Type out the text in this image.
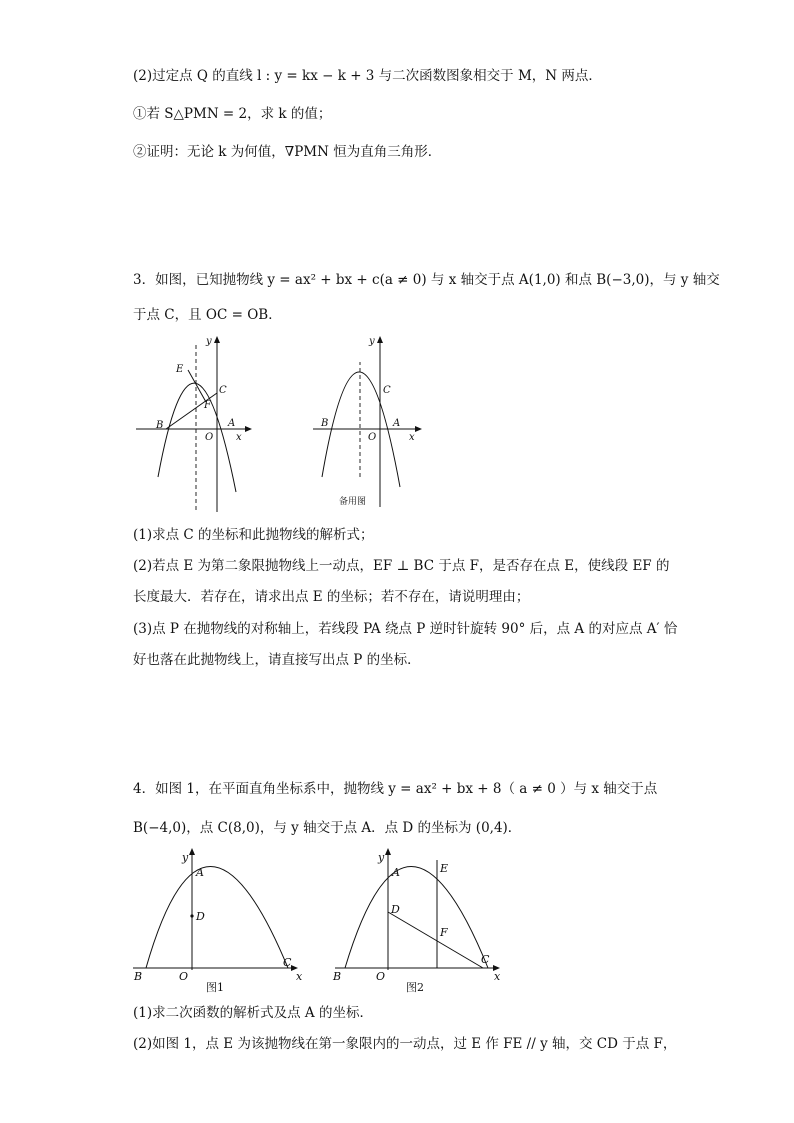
(2)过定点 Q 的直线 l : y = kx − k + 3 与二次函数图象相交于 M，N 两点．
①若 S△PMN = 2，求 k 的值；
②证明：无论 k 为何值，∇PMN 恒为直角三角形．
3．如图，已知抛物线 y = ax² + bx + c(a ≠ 0) 与 x 轴交于点 A(1,0) 和点 B(−3,0)，与 y 轴交
于点 C，且 OC = OB．
y
E
C
F
B	A
O x
y
C
B	A
O	x
备用图
(1)求点 C 的坐标和此抛物线的解析式；
(2)若点 E 为第二象限抛物线上一动点，EF ⊥ BC 于点 F，是否存在点 E，使线段 EF 的
长度最大．若存在，请求出点 E 的坐标；若不存在，请说明理由；
(3)点 P 在抛物线的对称轴上，若线段 PA 绕点 P 逆时针旋转 90° 后，点 A 的对应点 A′ 恰
好也落在此抛物线上，请直接写出点 P 的坐标．
4．如图 1，在平面直角坐标系中，抛物线 y = ax² + bx + 8（ a ≠ 0 ）与 x 轴交于点
B(−4,0)，点 C(8,0)，与 y 轴交于点 A．点 D 的坐标为 (0,4)．
y
A
D
B	O
C
x
图1
y
A	E
D
F
B	O
C
x
图2
(1)求二次函数的解析式及点 A 的坐标．
(2)如图 1，点 E 为该抛物线在第一象限内的一动点，过 E 作 FE // y 轴，交 CD 于点 F，
